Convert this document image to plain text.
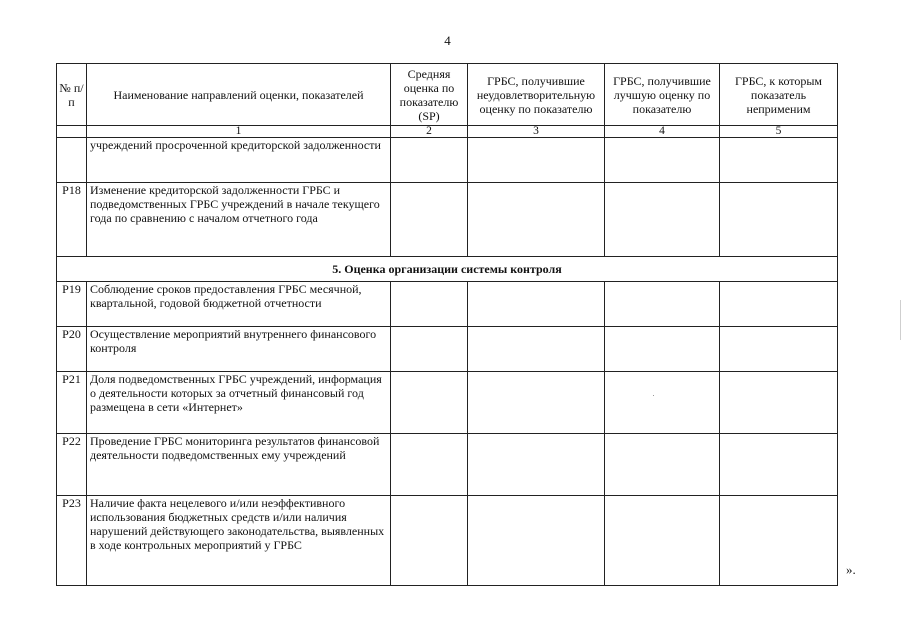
4
№ п/п	Наименование направлений оценки, показателей	Средняя оценка по показателю (SP)	ГРБС, получившие неудовлетворительную оценку по показателю	ГРБС, получившие лучшую оценку по показателю	ГРБС, к которым показатель неприменим
	1	2	3	4	5
	учреждений просроченной кредиторской задолженности				
P18	Изменение кредиторской задолженности ГРБС и подведомственных ГРБС учреждений в начале текущего года по сравнению с началом отчетного года				
5. Оценка организации системы контроля					
P19	Соблюдение сроков предоставления ГРБС месячной, квартальной, годовой бюджетной отчетности				
P20	Осуществление мероприятий внутреннего финансового контроля				
P21	Доля подведомственных ГРБС учреждений, информация о деятельности которых за отчетный финансовый год размещена в сети «Интернет»				
P22	Проведение ГРБС мониторинга результатов финансовой деятельности подведомственных ему учреждений				
P23	Наличие факта нецелевого и/или неэффективного использования бюджетных средств и/или наличия нарушений действующего законодательства, выявленных в ходе контрольных мероприятий у ГРБС				
».
